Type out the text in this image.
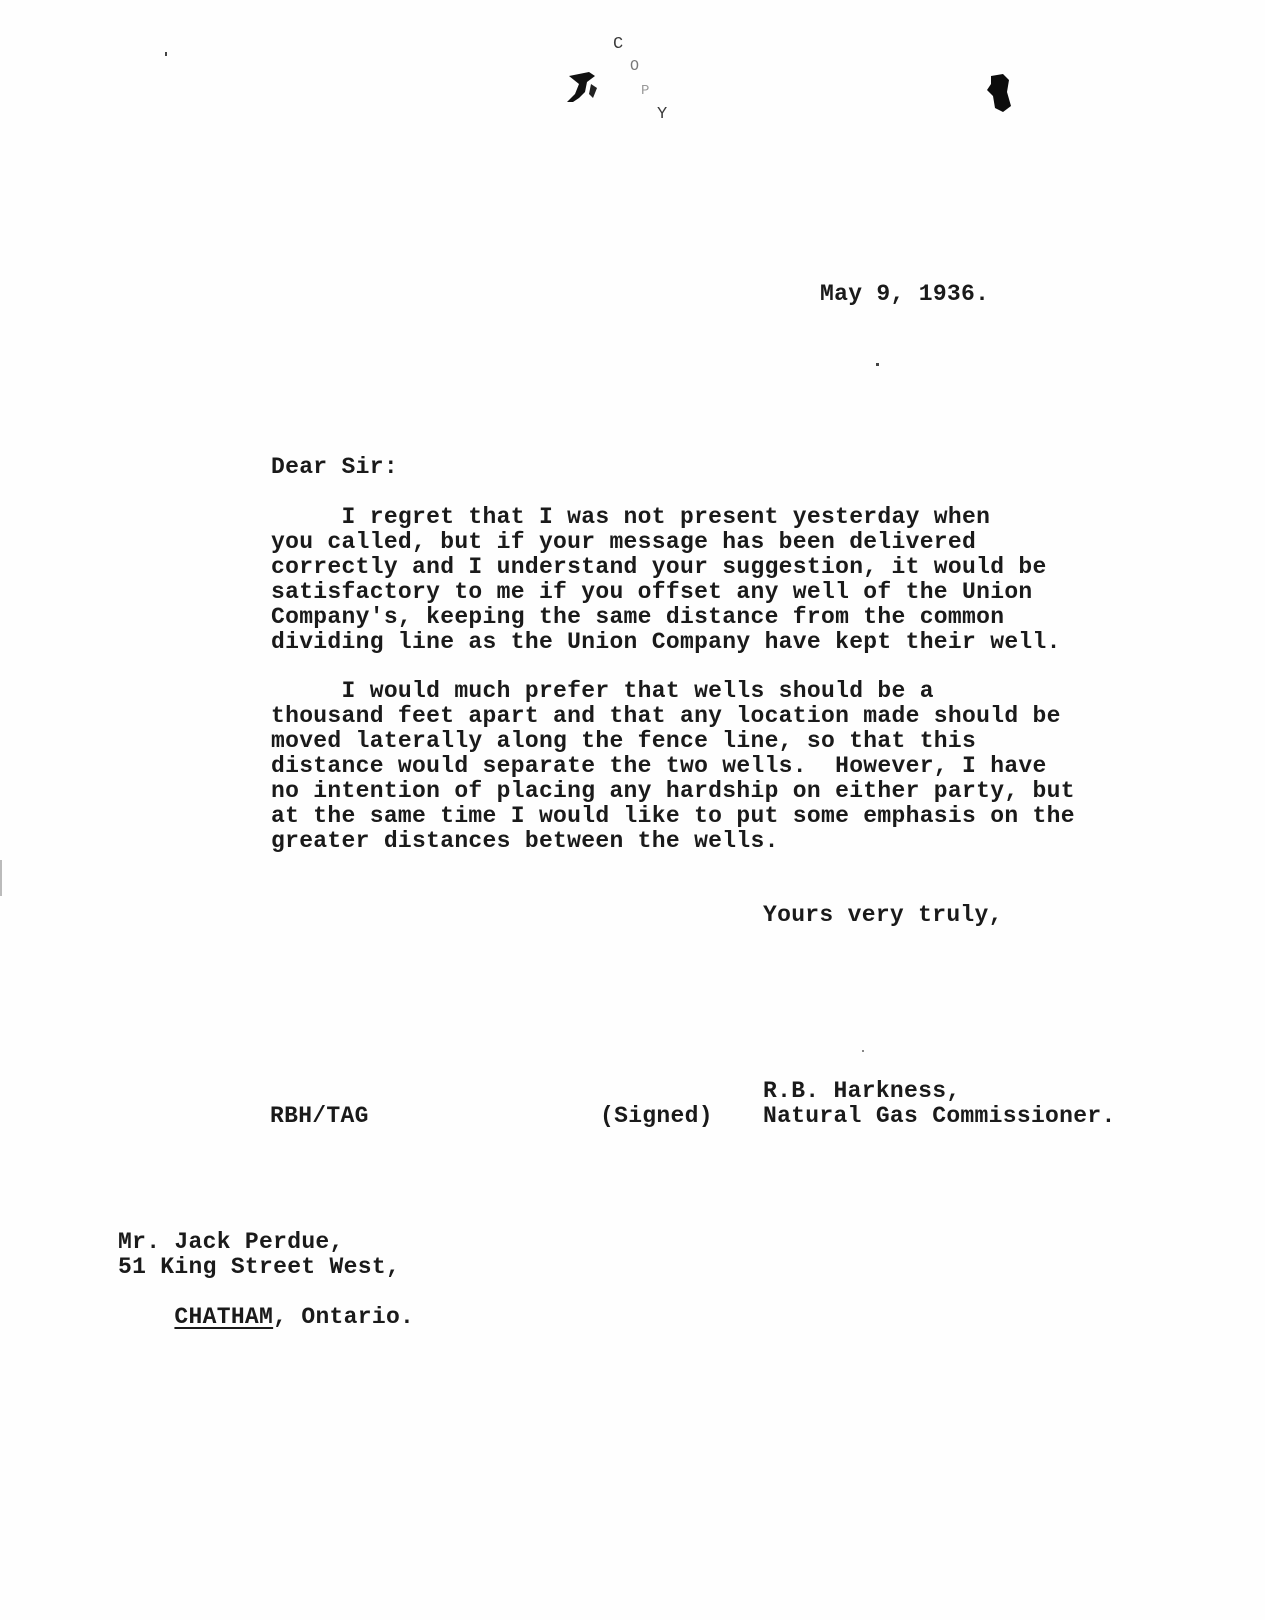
C
O
P
Y
May 9, 1936.
Dear Sir:
I regret that I was not present yesterday when
you called, but if your message has been delivered
correctly and I understand your suggestion, it would be
satisfactory to me if you offset any well of the Union
Company's, keeping the same distance from the common
dividing line as the Union Company have kept their well.
I would much prefer that wells should be a
thousand feet apart and that any location made should be
moved laterally along the fence line, so that this
distance would separate the two wells.  However, I have
no intention of placing any hardship on either party, but
at the same time I would like to put some emphasis on the
greater distances between the wells.
Yours very truly,
R.B. Harkness,
Natural Gas Commissioner.
RBH/TAG	(Signed)
Mr. Jack Perdue,
51 King Street West,

CHATHAM, Ontario.
